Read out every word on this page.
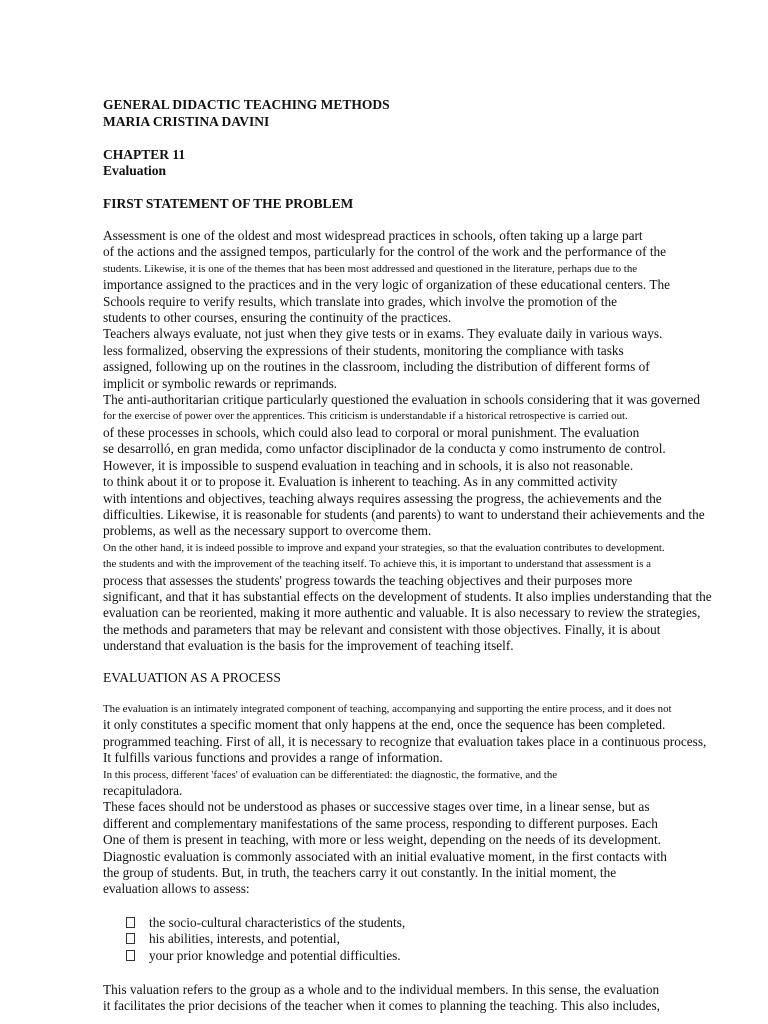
GENERAL DIDACTIC TEACHING METHODS
MARIA CRISTINA DAVINI
CHAPTER 11
Evaluation
FIRST STATEMENT OF THE PROBLEM
Assessment is one of the oldest and most widespread practices in schools, often taking up a large part
of the actions and the assigned tempos, particularly for the control of the work and the performance of the
students. Likewise, it is one of the themes that has been most addressed and questioned in the literature, perhaps due to the
importance assigned to the practices and in the very logic of organization of these educational centers. The
Schools require to verify results, which translate into grades, which involve the promotion of the
students to other courses, ensuring the continuity of the practices.
Teachers always evaluate, not just when they give tests or in exams. They evaluate daily in various ways.
less formalized, observing the expressions of their students, monitoring the compliance with tasks
assigned, following up on the routines in the classroom, including the distribution of different forms of
implicit or symbolic rewards or reprimands.
The anti-authoritarian critique particularly questioned the evaluation in schools considering that it was governed
for the exercise of power over the apprentices. This criticism is understandable if a historical retrospective is carried out.
of these processes in schools, which could also lead to corporal or moral punishment. The evaluation
se desarrolló, en gran medida, como unfactor disciplinador de la conducta y como instrumento de control.
However, it is impossible to suspend evaluation in teaching and in schools, it is also not reasonable.
to think about it or to propose it. Evaluation is inherent to teaching. As in any committed activity
with intentions and objectives, teaching always requires assessing the progress, the achievements and the
difficulties. Likewise, it is reasonable for students (and parents) to want to understand their achievements and the
problems, as well as the necessary support to overcome them.
On the other hand, it is indeed possible to improve and expand your strategies, so that the evaluation contributes to development.
the students and with the improvement of the teaching itself. To achieve this, it is important to understand that assessment is a
process that assesses the students' progress towards the teaching objectives and their purposes more
significant, and that it has substantial effects on the development of students. It also implies understanding that the
evaluation can be reoriented, making it more authentic and valuable. It is also necessary to review the strategies,
the methods and parameters that may be relevant and consistent with those objectives. Finally, it is about
understand that evaluation is the basis for the improvement of teaching itself.
EVALUATION AS A PROCESS
The evaluation is an intimately integrated component of teaching, accompanying and supporting the entire process, and it does not
it only constitutes a specific moment that only happens at the end, once the sequence has been completed.
programmed teaching. First of all, it is necessary to recognize that evaluation takes place in a continuous process,
It fulfills various functions and provides a range of information.
In this process, different 'faces' of evaluation can be differentiated: the diagnostic, the formative, and the
recapituladora.
These faces should not be understood as phases or successive stages over time, in a linear sense, but as
different and complementary manifestations of the same process, responding to different purposes. Each
One of them is present in teaching, with more or less weight, depending on the needs of its development.
Diagnostic evaluation is commonly associated with an initial evaluative moment, in the first contacts with
the group of students. But, in truth, the teachers carry it out constantly. In the initial moment, the
evaluation allows to assess:
the socio-cultural characteristics of the students,
his abilities, interests, and potential,
your prior knowledge and potential difficulties.
This valuation refers to the group as a whole and to the individual members. In this sense, the evaluation
it facilitates the prior decisions of the teacher when it comes to planning the teaching. This also includes,
